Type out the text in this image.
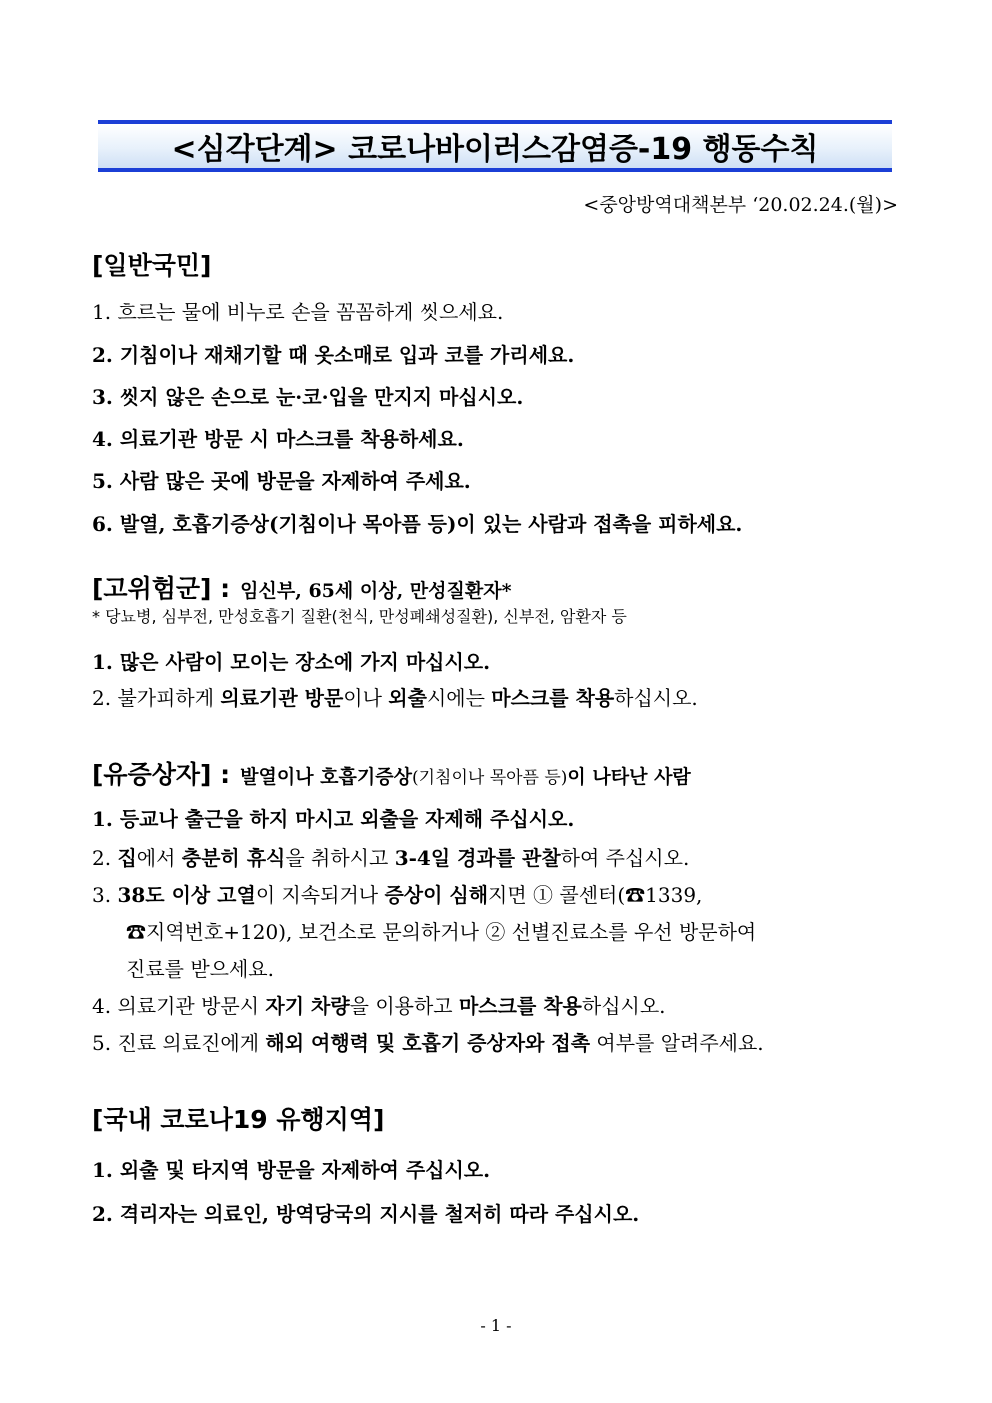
<심각단계> 코로나바이러스감염증-19 행동수칙
<중앙방역대책본부 ‘20.02.24.(월)>
[일반국민]
1. 흐르는 물에 비누로 손을 꼼꼼하게 씻으세요.
2. 기침이나 재채기할 때 옷소매로 입과 코를 가리세요.
3. 씻지 않은 손으로 눈·코·입을 만지지 마십시오.
4. 의료기관 방문 시 마스크를 착용하세요.
5. 사람 많은 곳에 방문을 자제하여 주세요.
6. 발열, 호흡기증상(기침이나 목아픔 등)이 있는 사람과 접촉을 피하세요.
[고위험군] : 임신부, 65세 이상, 만성질환자*
* 당뇨병, 심부전, 만성호흡기 질환(천식, 만성폐쇄성질환), 신부전, 암환자 등
1. 많은 사람이 모이는 장소에 가지 마십시오.
2. 불가피하게 의료기관 방문이나 외출시에는 마스크를 착용하십시오.
[유증상자] : 발열이나 호흡기증상(기침이나 목아픔 등)이 나타난 사람
1. 등교나 출근을 하지 마시고 외출을 자제해 주십시오.
2. 집에서 충분히 휴식을 취하시고 3-4일 경과를 관찰하여 주십시오.
3. 38도 이상 고열이 지속되거나 증상이 심해지면 ① 콜센터(☎1339,
☎지역번호+120), 보건소로 문의하거나 ② 선별진료소를 우선 방문하여
진료를 받으세요.
4. 의료기관 방문시 자기 차량을 이용하고 마스크를 착용하십시오.
5. 진료 의료진에게 해외 여행력 및 호흡기 증상자와 접촉 여부를 알려주세요.
[국내 코로나19 유행지역]
1. 외출 및 타지역 방문을 자제하여 주십시오.
2. 격리자는 의료인, 방역당국의 지시를 철저히 따라 주십시오.
- 1 -
